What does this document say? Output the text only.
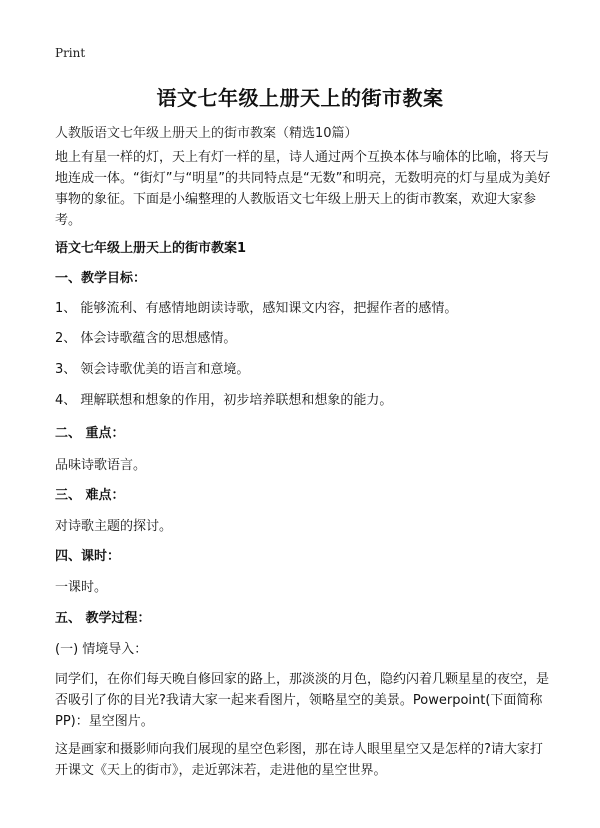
Print
语文七年级上册天上的街市教案
人教版语文七年级上册天上的街市教案（精选10篇）
地上有星一样的灯，天上有灯一样的星，诗人通过两个互换本体与喻体的比喻，将天与地连成一体。“街灯”与“明星”的共同特点是“无数”和明亮，无数明亮的灯与星成为美好事物的象征。下面是小编整理的人教版语文七年级上册天上的街市教案，欢迎大家参考。
语文七年级上册天上的街市教案1
一、教学目标：
1、 能够流利、有感情地朗读诗歌，感知课文内容，把握作者的感情。
2、 体会诗歌蕴含的思想感情。
3、 领会诗歌优美的语言和意境。
4、 理解联想和想象的作用，初步培养联想和想象的能力。
二、 重点：
品味诗歌语言。
三、 难点：
对诗歌主题的探讨。
四、课时：
一课时。
五、 教学过程：
(一) 情境导入：
同学们，在你们每天晚自修回家的路上，那淡淡的月色，隐约闪着几颗星星的夜空，是否吸引了你的目光?我请大家一起来看图片，领略星空的美景。Powerpoint(下面简称PP)：星空图片。
这是画家和摄影师向我们展现的星空色彩图，那在诗人眼里星空又是怎样的?请大家打开课文《天上的街市》，走近郭沫若，走进他的星空世界。
